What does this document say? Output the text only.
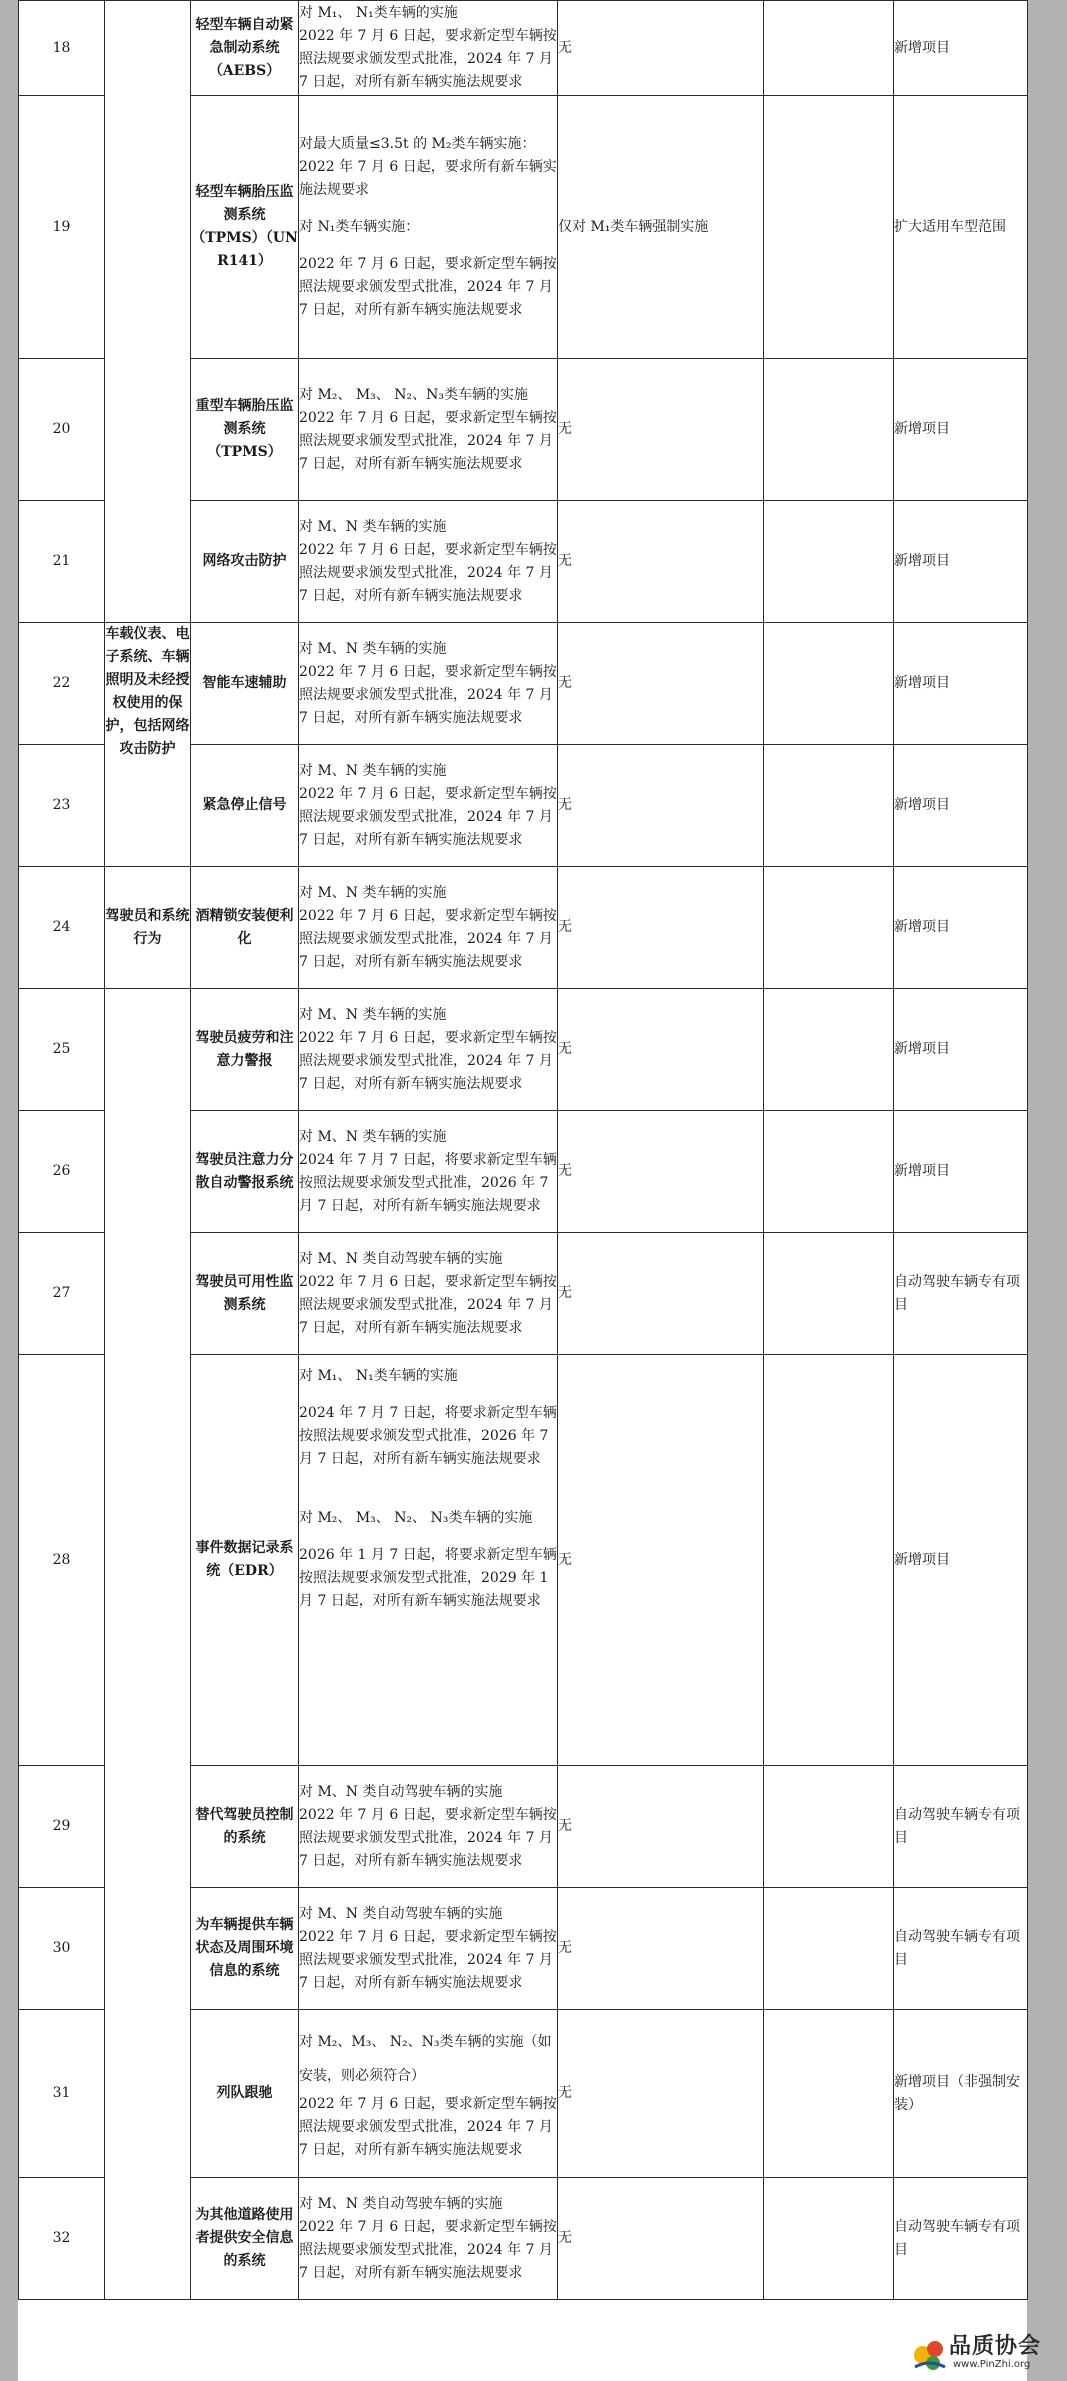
18		轻型车辆自动紧急制动系统（AEBS）	对 M₁、 N₁类车辆的实施
2022 年 7 月 6 日起，要求新定型车辆按照法规要求颁发型式批准，2024 年 7 月 7 日起，对所有新车辆实施法规要求	无		新增项目
19		轻型车辆胎压监测系统（TPMS）（UN R141）	对最大质量≤3.5t 的 M₂类车辆实施：
2022 年 7 月 6 日起，要求所有新车辆实施法规要求
对 N₁类车辆实施：
2022 年 7 月 6 日起，要求新定型车辆按照法规要求颁发型式批准，2024 年 7 月 7 日起，对所有新车辆实施法规要求	仅对 M₁类车辆强制实施		扩大适用车型范围
20		重型车辆胎压监测系统（TPMS）	对 M₂、 M₃、 N₂、N₃类车辆的实施
2022 年 7 月 6 日起，要求新定型车辆按照法规要求颁发型式批准，2024 年 7 月 7 日起，对所有新车辆实施法规要求	无		新增项目
21		网络攻击防护	对 M、N 类车辆的实施
2022 年 7 月 6 日起，要求新定型车辆按照法规要求颁发型式批准，2024 年 7 月 7 日起，对所有新车辆实施法规要求	无		新增项目
22	车载仪表、电子系统、车辆照明及未经授权使用的保护，包括网络攻击防护	智能车速辅助	对 M、N 类车辆的实施
2022 年 7 月 6 日起，要求新定型车辆按照法规要求颁发型式批准，2024 年 7 月 7 日起，对所有新车辆实施法规要求	无		新增项目
23		紧急停止信号	对 M、N 类车辆的实施
2022 年 7 月 6 日起，要求新定型车辆按照法规要求颁发型式批准，2024 年 7 月 7 日起，对所有新车辆实施法规要求	无		新增项目
24	驾驶员和系统行为	酒精锁安装便利化	对 M、N 类车辆的实施
2022 年 7 月 6 日起，要求新定型车辆按照法规要求颁发型式批准，2024 年 7 月 7 日起，对所有新车辆实施法规要求	无		新增项目
25		驾驶员疲劳和注意力警报	对 M、N 类车辆的实施
2022 年 7 月 6 日起，要求新定型车辆按照法规要求颁发型式批准，2024 年 7 月 7 日起，对所有新车辆实施法规要求	无		新增项目
26		驾驶员注意力分散自动警报系统	对 M、N 类车辆的实施
2024 年 7 月 7 日起，将要求新定型车辆按照法规要求颁发型式批准，2026 年 7 月 7 日起，对所有新车辆实施法规要求	无		新增项目
27		驾驶员可用性监测系统	对 M、N 类自动驾驶车辆的实施
2022 年 7 月 6 日起，要求新定型车辆按照法规要求颁发型式批准，2024 年 7 月 7 日起，对所有新车辆实施法规要求	无		自动驾驶车辆专有项目
28		事件数据记录系统（EDR）	对 M₁、 N₁类车辆的实施
2024 年 7 月 7 日起，将要求新定型车辆按照法规要求颁发型式批准，2026 年 7 月 7 日起，对所有新车辆实施法规要求
对 M₂、 M₃、 N₂、 N₃类车辆的实施
2026 年 1 月 7 日起，将要求新定型车辆按照法规要求颁发型式批准，2029 年 1 月 7 日起，对所有新车辆实施法规要求	无		新增项目
29		替代驾驶员控制的系统	对 M、N 类自动驾驶车辆的实施
2022 年 7 月 6 日起，要求新定型车辆按照法规要求颁发型式批准，2024 年 7 月 7 日起，对所有新车辆实施法规要求	无		自动驾驶车辆专有项目
30		为车辆提供车辆状态及周围环境信息的系统	对 M、N 类自动驾驶车辆的实施
2022 年 7 月 6 日起，要求新定型车辆按照法规要求颁发型式批准，2024 年 7 月 7 日起，对所有新车辆实施法规要求	无		自动驾驶车辆专有项目
31		列队跟驰	对 M₂、M₃、 N₂、N₃类车辆的实施（如安装，则必须符合）
2022 年 7 月 6 日起，要求新定型车辆按照法规要求颁发型式批准，2024 年 7 月 7 日起，对所有新车辆实施法规要求	无		新增项目（非强制安装）
32		为其他道路使用者提供安全信息的系统	对 M、N 类自动驾驶车辆的实施
2022 年 7 月 6 日起，要求新定型车辆按照法规要求颁发型式批准，2024 年 7 月 7 日起，对所有新车辆实施法规要求	无		自动驾驶车辆专有项目
品质协会
www.PinZhi.org
